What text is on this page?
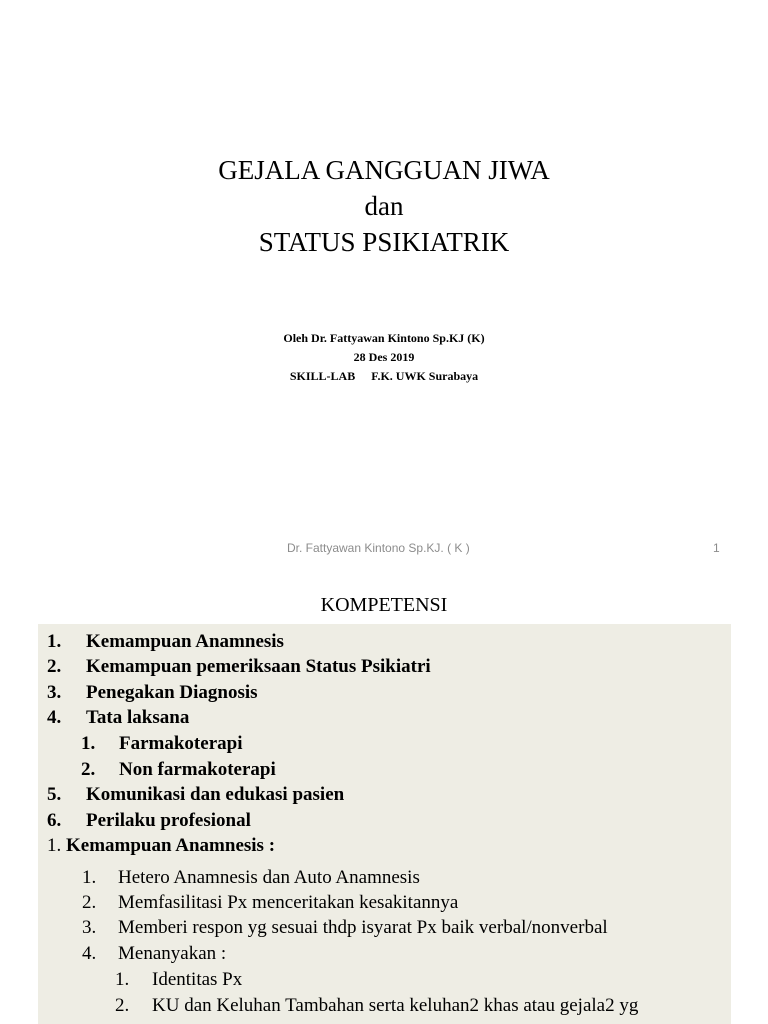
GEJALA GANGGUAN JIWA
dan
STATUS PSIKIATRIK
Oleh Dr. Fattyawan Kintono Sp.KJ (K)
28 Des 2019
SKILL-LAB F.K. UWK Surabaya
Dr. Fattyawan Kintono Sp.KJ. ( K )	1
KOMPETENSI
1. Kemampuan Anamnesis
2. Kemampuan pemeriksaan Status Psikiatri
3. Penegakan Diagnosis
4. Tata laksana
1. Farmakoterapi
2. Non farmakoterapi
5. Komunikasi dan edukasi pasien
6. Perilaku profesional
1. Kemampuan Anamnesis :
1. Hetero Anamnesis dan Auto Anamnesis
2. Memfasilitasi Px menceritakan kesakitannya
3. Memberi respon yg sesuai thdp isyarat Px baik verbal/nonverbal
4. Menanyakan :
1. Identitas Px
2. KU dan Keluhan Tambahan serta keluhan2 khas atau gejala2 yg
